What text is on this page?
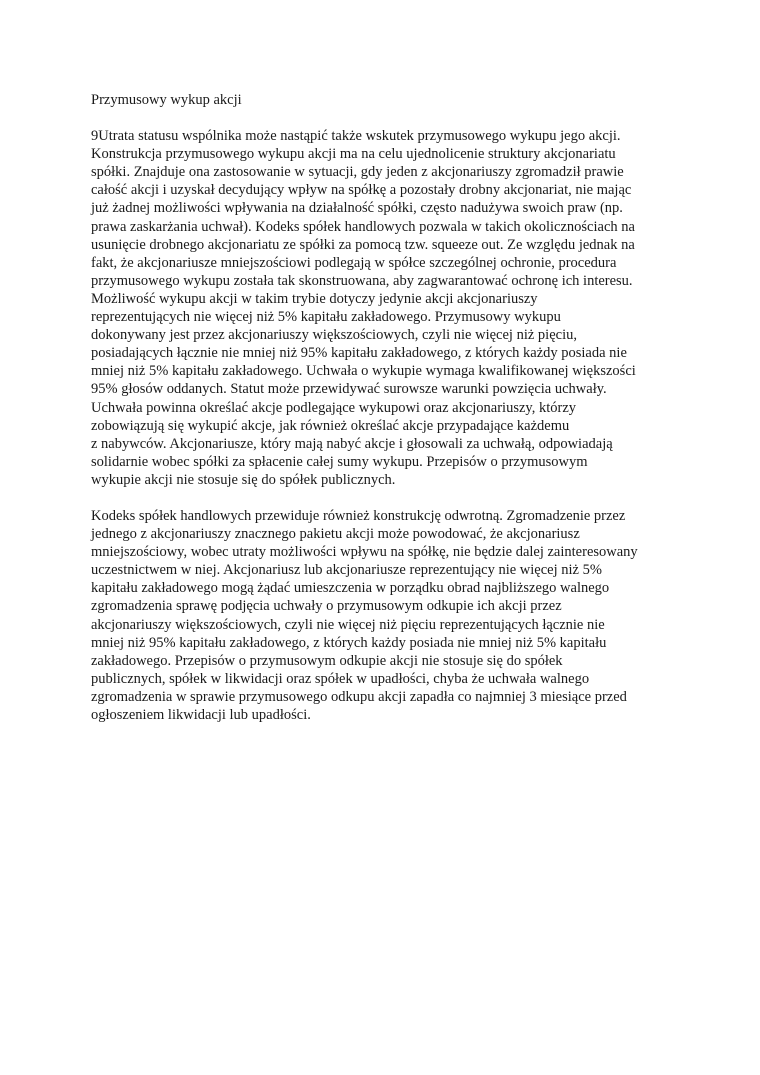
Przymusowy wykup akcji
9Utrata statusu wspólnika może nastąpić także wskutek przymusowego wykupu jego akcji.
Konstrukcja przymusowego wykupu akcji ma na celu ujednolicenie struktury akcjonariatu
spółki. Znajduje ona zastosowanie w sytuacji, gdy jeden z akcjonariuszy zgromadził prawie
całość akcji i uzyskał decydujący wpływ na spółkę a pozostały drobny akcjonariat, nie mając
już żadnej możliwości wpływania na działalność spółki, często nadużywa swoich praw (np.
prawa zaskarżania uchwał). Kodeks spółek handlowych pozwala w takich okolicznościach na
usunięcie drobnego akcjonariatu ze spółki za pomocą tzw. squeeze out. Ze względu jednak na
fakt, że akcjonariusze mniejszościowi podlegają w spółce szczególnej ochronie, procedura
przymusowego wykupu została tak skonstruowana, aby zagwarantować ochronę ich interesu.
Możliwość wykupu akcji w takim trybie dotyczy jedynie akcji akcjonariuszy
reprezentujących nie więcej niż 5% kapitału zakładowego. Przymusowy wykupu
dokonywany jest przez akcjonariuszy większościowych, czyli nie więcej niż pięciu,
posiadających łącznie nie mniej niż 95% kapitału zakładowego, z których każdy posiada nie
mniej niż 5% kapitału zakładowego. Uchwała o wykupie wymaga kwalifikowanej większości
95% głosów oddanych. Statut może przewidywać surowsze warunki powzięcia uchwały.
Uchwała powinna określać akcje podlegające wykupowi oraz akcjonariuszy, którzy
zobowiązują się wykupić akcje, jak również określać akcje przypadające każdemu
z nabywców. Akcjonariusze, który mają nabyć akcje i głosowali za uchwałą, odpowiadają
solidarnie wobec spółki za spłacenie całej sumy wykupu. Przepisów o przymusowym
wykupie akcji nie stosuje się do spółek publicznych.
Kodeks spółek handlowych przewiduje również konstrukcję odwrotną. Zgromadzenie przez
jednego z akcjonariuszy znacznego pakietu akcji może powodować, że akcjonariusz
mniejszościowy, wobec utraty możliwości wpływu na spółkę, nie będzie dalej zainteresowany
uczestnictwem w niej. Akcjonariusz lub akcjonariusze reprezentujący nie więcej niż 5%
kapitału zakładowego mogą żądać umieszczenia w porządku obrad najbliższego walnego
zgromadzenia sprawę podjęcia uchwały o przymusowym odkupie ich akcji przez
akcjonariuszy większościowych, czyli nie więcej niż pięciu reprezentujących łącznie nie
mniej niż 95% kapitału zakładowego, z których każdy posiada nie mniej niż 5% kapitału
zakładowego. Przepisów o przymusowym odkupie akcji nie stosuje się do spółek
publicznych, spółek w likwidacji oraz spółek w upadłości, chyba że uchwała walnego
zgromadzenia w sprawie przymusowego odkupu akcji zapadła co najmniej 3 miesiące przed
ogłoszeniem likwidacji lub upadłości.
